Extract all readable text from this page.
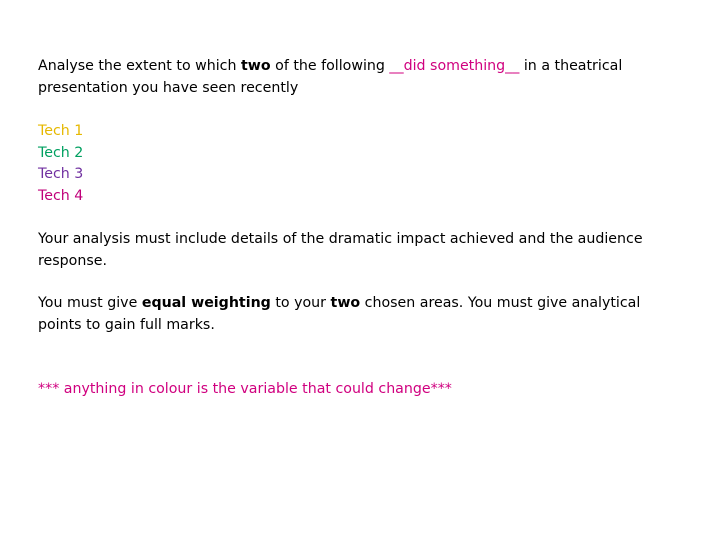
Analyse the extent to which two of the following __did something__ in a theatrical presentation you have seen recently

Tech 1

Tech 2

Tech 3

Tech 4

Your analysis must include details of the dramatic impact achieved and the audience response.

You must give equal weighting to your two chosen areas. You must give analytical points to gain full marks.

*** anything in colour is the variable that could change***
